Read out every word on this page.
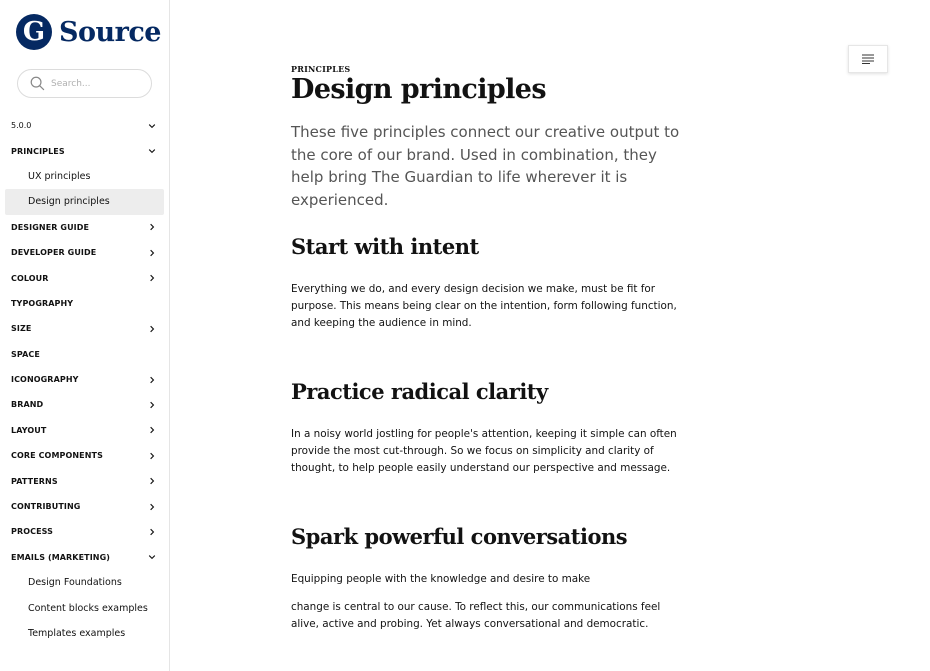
G Source
Search...
5.0.0
PRINCIPLES
UX principles
Design principles
DESIGNER GUIDE
DEVELOPER GUIDE
COLOUR
TYPOGRAPHY
SIZE
SPACE
ICONOGRAPHY
BRAND
LAYOUT
CORE COMPONENTS
PATTERNS
CONTRIBUTING
PROCESS
EMAILS (MARKETING)
Design Foundations
Content blocks examples
Templates examples
PRINCIPLES
Design principles

These five principles connect our creative output to the core of our brand. Used in combination, they help bring The Guardian to life wherever it is experienced.

Start with intent

Everything we do, and every design decision we make, must be fit for purpose. This means being clear on the intention, form following function, and keeping the audience in mind.

Practice radical clarity

In a noisy world jostling for people's attention, keeping it simple can often provide the most cut-through. So we focus on simplicity and clarity of thought, to help people easily understand our perspective and message.

Spark powerful conversations

Equipping people with the knowledge and desire to make

change is central to our cause. To reflect this, our communications feel alive, active and probing. Yet always conversational and democratic.
